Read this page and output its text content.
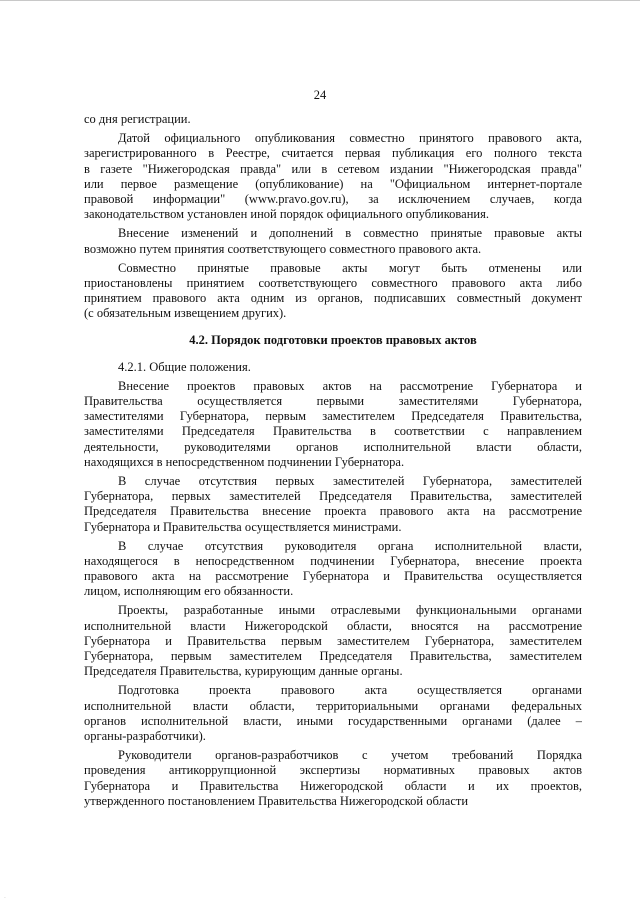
24
со дня регистрации.
Датой официального опубликования совместно принятого правового акта,
зарегистрированного в Реестре, считается первая публикация его полного текста
в газете "Нижегородская правда" или в сетевом издании "Нижегородская правда"
или первое размещение (опубликование) на "Официальном интернет-портале
правовой информации" (www.pravo.gov.ru), за исключением случаев, когда
законодательством установлен иной порядок официального опубликования.
Внесение изменений и дополнений в совместно принятые правовые акты
возможно путем принятия соответствующего совместного правового акта.
Совместно принятые правовые акты могут быть отменены или
приостановлены принятием соответствующего совместного правового акта либо
принятием правового акта одним из органов, подписавших совместный документ
(с обязательным извещением других).
4.2. Порядок подготовки проектов правовых актов
4.2.1. Общие положения.
Внесение проектов правовых актов на рассмотрение Губернатора и
Правительства осуществляется первыми заместителями Губернатора,
заместителями Губернатора, первым заместителем Председателя Правительства,
заместителями Председателя Правительства в соответствии с направлением
деятельности, руководителями органов исполнительной власти области,
находящихся в непосредственном подчинении Губернатора.
В случае отсутствия первых заместителей Губернатора, заместителей
Губернатора, первых заместителей Председателя Правительства, заместителей
Председателя Правительства внесение проекта правового акта на рассмотрение
Губернатора и Правительства осуществляется министрами.
В случае отсутствия руководителя органа исполнительной власти,
находящегося в непосредственном подчинении Губернатора, внесение проекта
правового акта на рассмотрение Губернатора и Правительства осуществляется
лицом, исполняющим его обязанности.
Проекты, разработанные иными отраслевыми функциональными органами
исполнительной власти Нижегородской области, вносятся на рассмотрение
Губернатора и Правительства первым заместителем Губернатора, заместителем
Губернатора, первым заместителем Председателя Правительства, заместителем
Председателя Правительства, курирующим данные органы.
Подготовка проекта правового акта осуществляется органами
исполнительной власти области, территориальными органами федеральных
органов исполнительной власти, иными государственными органами (далее –
органы-разработчики).
Руководители органов-разработчиков с учетом требований Порядка
проведения антикоррупционной экспертизы нормативных правовых актов
Губернатора и Правительства Нижегородской области и их проектов,
утвержденного постановлением Правительства Нижегородской области
·
